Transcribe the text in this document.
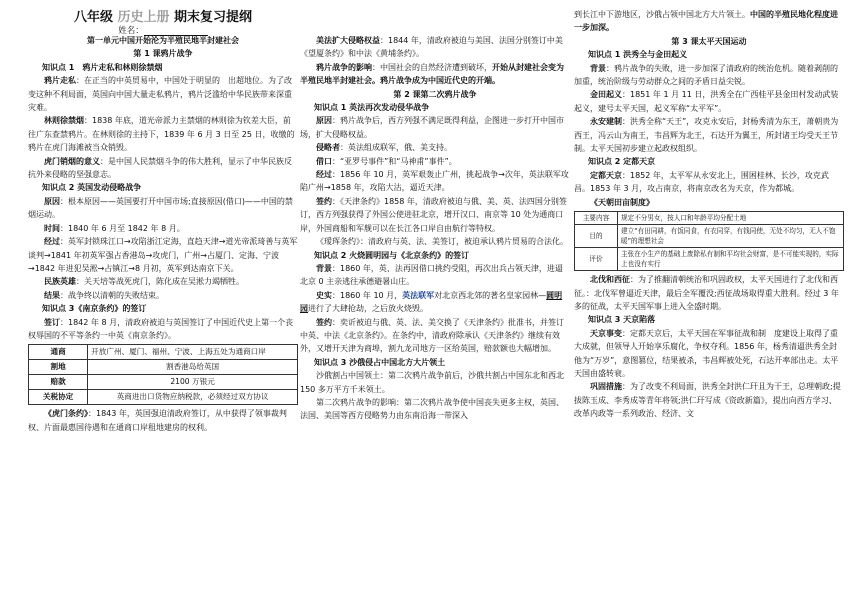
八年级 历史上册 期末复习提纲
姓名：

第一单元中国开始沦为半殖民地半封建社会

第 1 课鸦片战争

知识点 1　鸦片走私和林则徐禁烟

鸦片走私：在正当的中英贸易中，中国处于明显的　出超地位。为了改变这种不利局面，英国向中国大量走私鸦片，鸦片泛滥给中华民族带来深重灾难。

林则徐禁烟：1838 年底，道光帝派力主禁烟的林则徐为钦差大臣，前往广东查禁鸦片。在林则徐的主持下，1839 年 6 月 3 日至 25 日，收缴的鸦片在虎门海滩被当众销毁。

虎门销烟的意义：是中国人民禁烟斗争的伟大胜利，显示了中华民族反抗外来侵略的坚强意志。

知识点 2 英国发动侵略战争

原因：根本原因——英国要打开中国市场;直接原因(借口)——中国的禁烟运动。

时间：1840 年 6 月至 1842 年 8 月。

经过：英军封锁珠江口→攻陷浙江定海，直趋天津→道光帝派琦善与英军谈判→1841 年初英军强占香港岛→攻虎门，广州→占厦门、定海、宁波→1842 年进犯吴淞→占镇江→8 月初，英军到达南京下关。

民族英雄：关天培等战死虎门，陈化成在吴淞力竭牺牲。

结果：战争终以清朝的失败结束。

知识点 3《南京条约》的签订

签订：1842 年 8 月，清政府被迫与英国签订了中国近代史上第一个丧权辱国的不平等条约一中英《南京条约》。

通商	开放广州、厦门、福州、宁波、上海五处为通商口岸
割地	割香港岛给英国
赔款	2100 万银元
关税协定	英商进出口货物应纳税款，必须经过双方协议

《虎门条约》：1843 年，英国强迫清政府签订，从中获得了领事裁判权、片面最惠国待遇和在通商口岸租地建房的权利。

美法扩大侵略权益：1844 年，清政府被迫与美国、法国分别签订中美《望厦条约》和中法《黄埔条约》。

鸦片战争的影响：中国社会的自然经济遭到破坏，开始从封建社会变为半殖民地半封建社会。鸦片战争成为中国近代史的开端。

第 2 课第二次鸦片战争

知识点 1 英法再次发动侵华战争

原因：鸦片战争后，西方列强不满足既得利益，企图进一步打开中国市场，扩大侵略权益。

侵略者：英法组成联军，俄、美支持。

借口：“亚罗号事件”和“马神甫”事件”。

经过：1856 年 10 月，英军艰轰止广州，挑起战争→次年，英法联军攻陷广州→1858 年，攻陷大沽，逼近天津。

签约：《天津条约》1858 年，清政府被迫与俄、美、英、法四国分别签订，西方列强获得了外国公使进驻北京，增开汉口、南京等 10 处为通商口岸，外国商船和军舰可以在长江各口岸自由航行等特权。

《瑷珲条约》：清政府与英、法、美签订，被迫承认鸦片贸易的合法化。

知识点 2 火烧圆明园与《北京条约》的签订

背景：1860 年，英、法再因借口挑约受阻，再次出兵占领天津，进逼北京 0 主亲逃往承德避暑山庄。

史实：1860 年 10 月，英法联军对北京西北郊的著名皇家园林—圆明园进行了大肆抢劫，之后放火烧毁。

签约：奕䜣被迫与俄、英、法、美交换了《天津条约》批准书，并签订中英、中法《北京条约》。在条约中，清政府除承认《天津条约》继续有效外，又增开天津为商埠，割九龙司地方一区给英国，赔款额也大幅增加。

知识点 3 沙俄侵占中国北方大片领土

沙俄割占中国领土：第二次鸦片战争前后，沙俄共割占中国东北和西北 150 多万平方千米领土。

第二次鸦片战争的影响：第二次鸦片战争使中国丧失更多主权，英国、法国、美国等西方侵略势力由东南沿海一带深入

到长江中下游地区，沙俄占领中国北方大片领土。中国的半殖民地化程度进一步加深。

第 3 课太平天国运动

知识点 1 洪秀全与金田起义

背景：鸦片战争的失败，进一步加深了清政府的统治危机。随着剥削的加重，统治阶级与劳动群众之间的矛盾日益尖锐。

金田起义：1851 年 1 月 11 日，洪秀全在广西桂平县金田村发动武装起义，建号太平天国，起义军称“太平军”。

永安建制：洪秀全称“天王”，攻克永安后，封杨秀清为东王，萧朝贵为西王，冯云山为南王，韦昌辉为北王，石达开为翼王，所封诸王均受天王节制。太平天国初步建立起政权组织。

知识点 2 定都天京

定都天京：1852 年，太平军从永安北上，围困桂林、长沙，攻克武昌。1853 年 3 月，攻占南京，将南京改名为天京，作为都城。

《天朝田亩制度》

主要内容	规定不分男女，按人口和年龄平均分配土地
目的	建立“有田同耕，有饭同食，有衣同穿，有钱同使，无处不均匀，无人不饱暖”的理想社会
评价	主张在小生产的基础上废除私有制和平均社会财富，是不可能实现的，实际上也没有实行

北伐和西征：为了推翻清朝统治和巩固政权，太平天国进行了北伐和西征。：北伐军曾逼近天津，最后全军覆没;西征战场取得重大胜利。经过 3 年多的征战，太平天国军事上进入全盛时期。

知识点 3 天京陷落

天京事变：定都天京后，太平天国在军事征战和制　度建设上取得了重大成就，但领导人开始享乐腐化，争权夺利。1856 年，杨秀清逼洪秀全封他为“万岁”，意图篡位，结果被杀，韦昌辉被处死，石达开率部出走。太平天国由盛转衰。

巩固措施：为了改变不利局面，洪秀全封洪仁玕且为干王，总理朝政;提拔陈玉成、李秀成等青年将领;洪仁玕写成《资政新篇》，提出向西方学习、改革内政等一系列政治、经济、文
